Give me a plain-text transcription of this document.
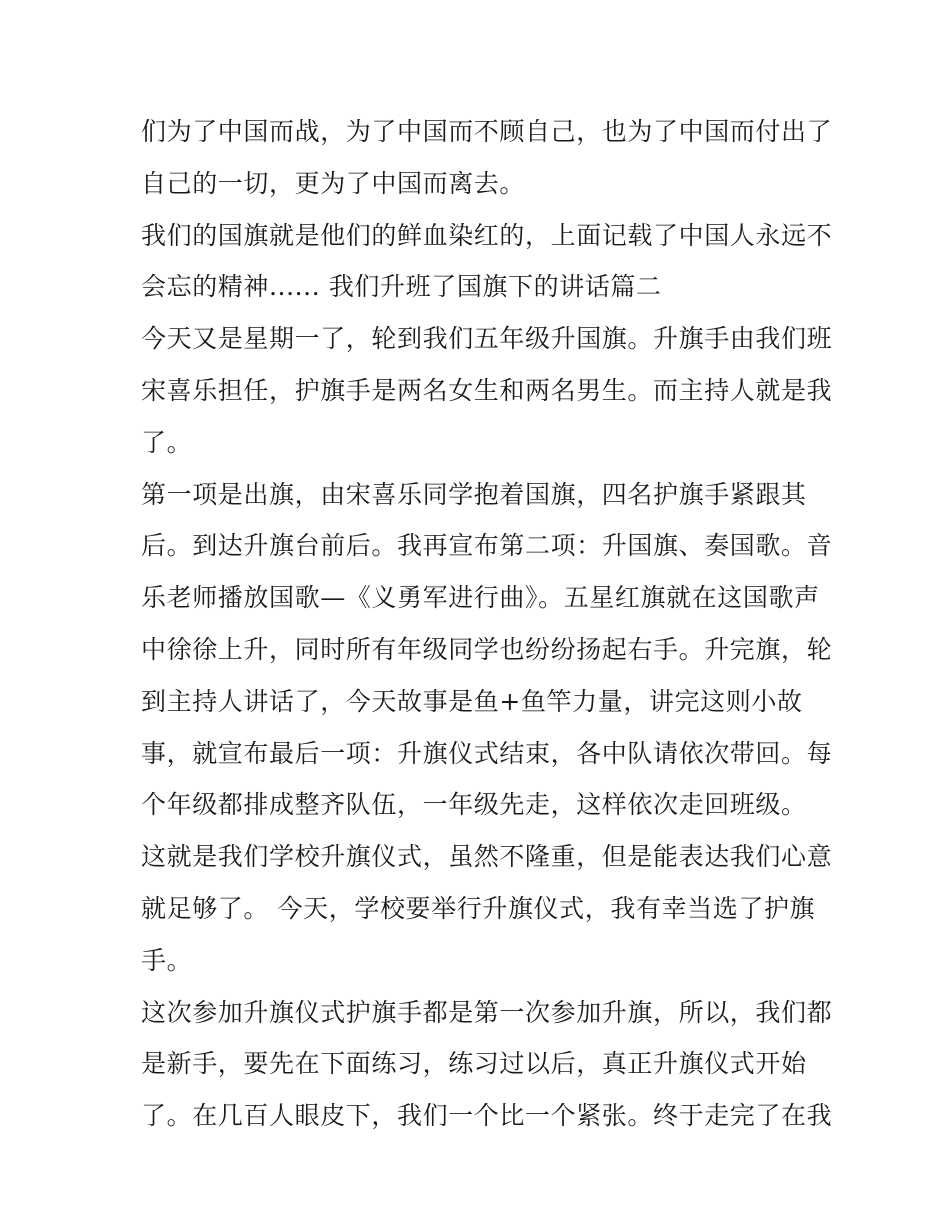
们为了中国而战，为了中国而不顾自己，也为了中国而付出了
自己的一切，更为了中国而离去。
我们的国旗就是他们的鲜血染红的，上面记载了中国人永远不
会忘的精神...... 我们升班了国旗下的讲话篇二
今天又是星期一了，轮到我们五年级升国旗。升旗手由我们班
宋喜乐担任，护旗手是两名女生和两名男生。而主持人就是我
了。
第一项是出旗，由宋喜乐同学抱着国旗，四名护旗手紧跟其
后。到达升旗台前后。我再宣布第二项：升国旗、奏国歌。音
乐老师播放国歌—《义勇军进行曲》。五星红旗就在这国歌声
中徐徐上升，同时所有年级同学也纷纷扬起右手。升完旗，轮
到主持人讲话了，今天故事是鱼+鱼竿力量，讲完这则小故
事，就宣布最后一项：升旗仪式结束，各中队请依次带回。每
个年级都排成整齐队伍，一年级先走，这样依次走回班级。
这就是我们学校升旗仪式，虽然不隆重，但是能表达我们心意
就足够了。 今天，学校要举行升旗仪式，我有幸当选了护旗
手。
这次参加升旗仪式护旗手都是第一次参加升旗，所以，我们都
是新手，要先在下面练习，练习过以后，真正升旗仪式开始
了。在几百人眼皮下，我们一个比一个紧张。终于走完了在我
